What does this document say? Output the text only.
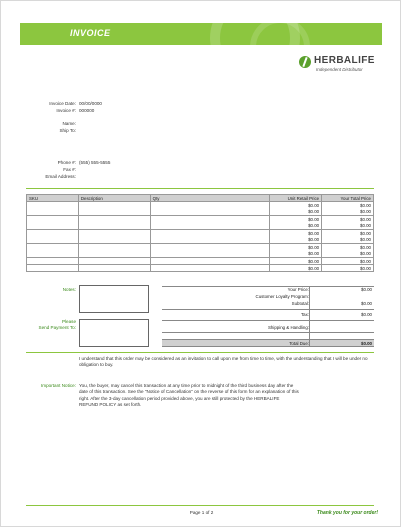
INVOICE
HERBALIFE
Independent Distributor
Invoice Date: 00/00/0000
Invoice #: 000000
Name:
Ship To:
Phone #: (555) 555-5555
Fax #:
Email Address:
SKU	Description	Qty	Unit Retail Price	Your Total Price
			$0.00	$0.00
			$0.00	$0.00
			$0.00	$0.00
			$0.00	$0.00
			$0.00	$0.00
			$0.00	$0.00
			$0.00	$0.00
			$0.00	$0.00
			$0.00	$0.00
			$0.00	$0.00
Notes:
Please
Send Payment To:
Your Price:	$0.00
Customer Loyalty Program:
Subtotal:	$0.00
Tax:	$0.00
Shipping & Handling:
Total Due:	$0.00
I understand that this order may be considered as an invitation to call upon me from time to time, with the understanding that I will be under no obligation to buy.
Important Notice: You, the buyer, may cancel this transaction at any time prior to midnight of the third business day after the date of this transaction. See the "Notice of Cancellation" on the reverse of this form for an explanation of this right. After the 3-day cancellation period provided above, you are still protected by the HERBALIFE REFUND POLICY as set forth.
Page 1 of 2	Thank you for your order!
